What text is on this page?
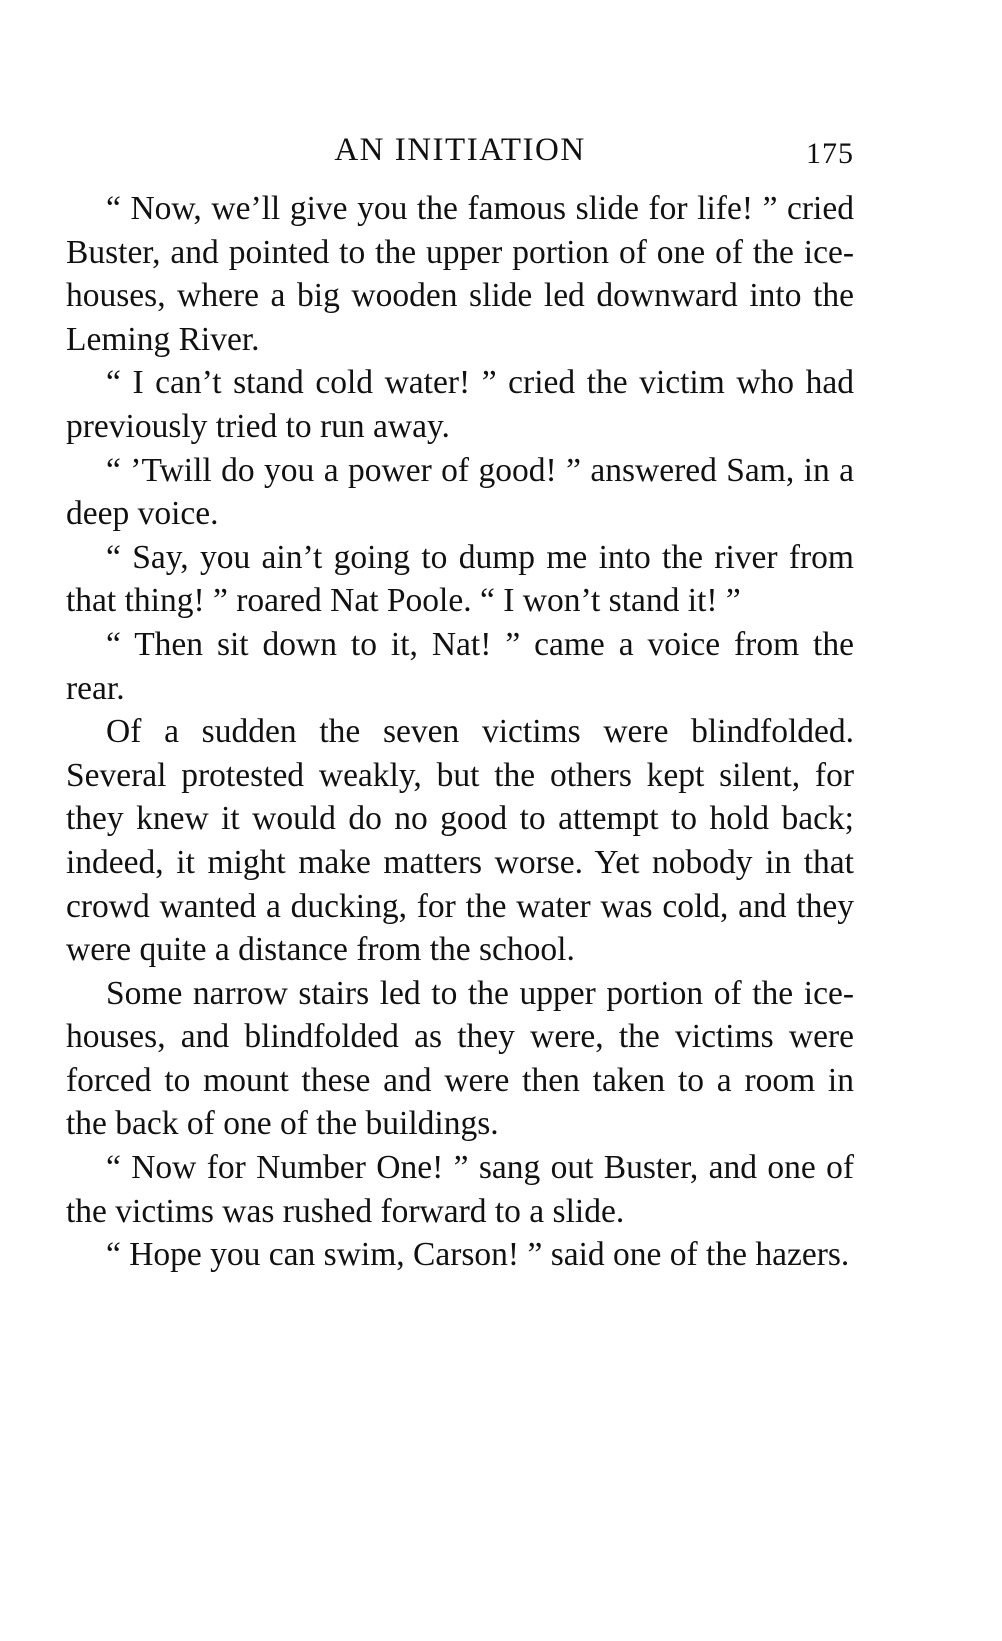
AN INITIATION	175

“ Now, we’ll give you the famous slide for life! ” cried Buster, and pointed to the upper portion of one of the ice-houses, where a big wooden slide led downward into the Leming River.

“ I can’t stand cold water! ” cried the victim who had previously tried to run away.

“ ’Twill do you a power of good! ” answered Sam, in a deep voice.

“ Say, you ain’t going to dump me into the river from that thing! ” roared Nat Poole. “ I won’t stand it! ”

“ Then sit down to it, Nat! ” came a voice from the rear.

Of a sudden the seven victims were blindfolded. Several protested weakly, but the others kept silent, for they knew it would do no good to attempt to hold back; indeed, it might make matters worse. Yet nobody in that crowd wanted a ducking, for the water was cold, and they were quite a distance from the school.

Some narrow stairs led to the upper portion of the ice-houses, and blindfolded as they were, the victims were forced to mount these and were then taken to a room in the back of one of the buildings.

“ Now for Number One! ” sang out Buster, and one of the victims was rushed forward to a slide.

“ Hope you can swim, Carson! ” said one of the hazers.
